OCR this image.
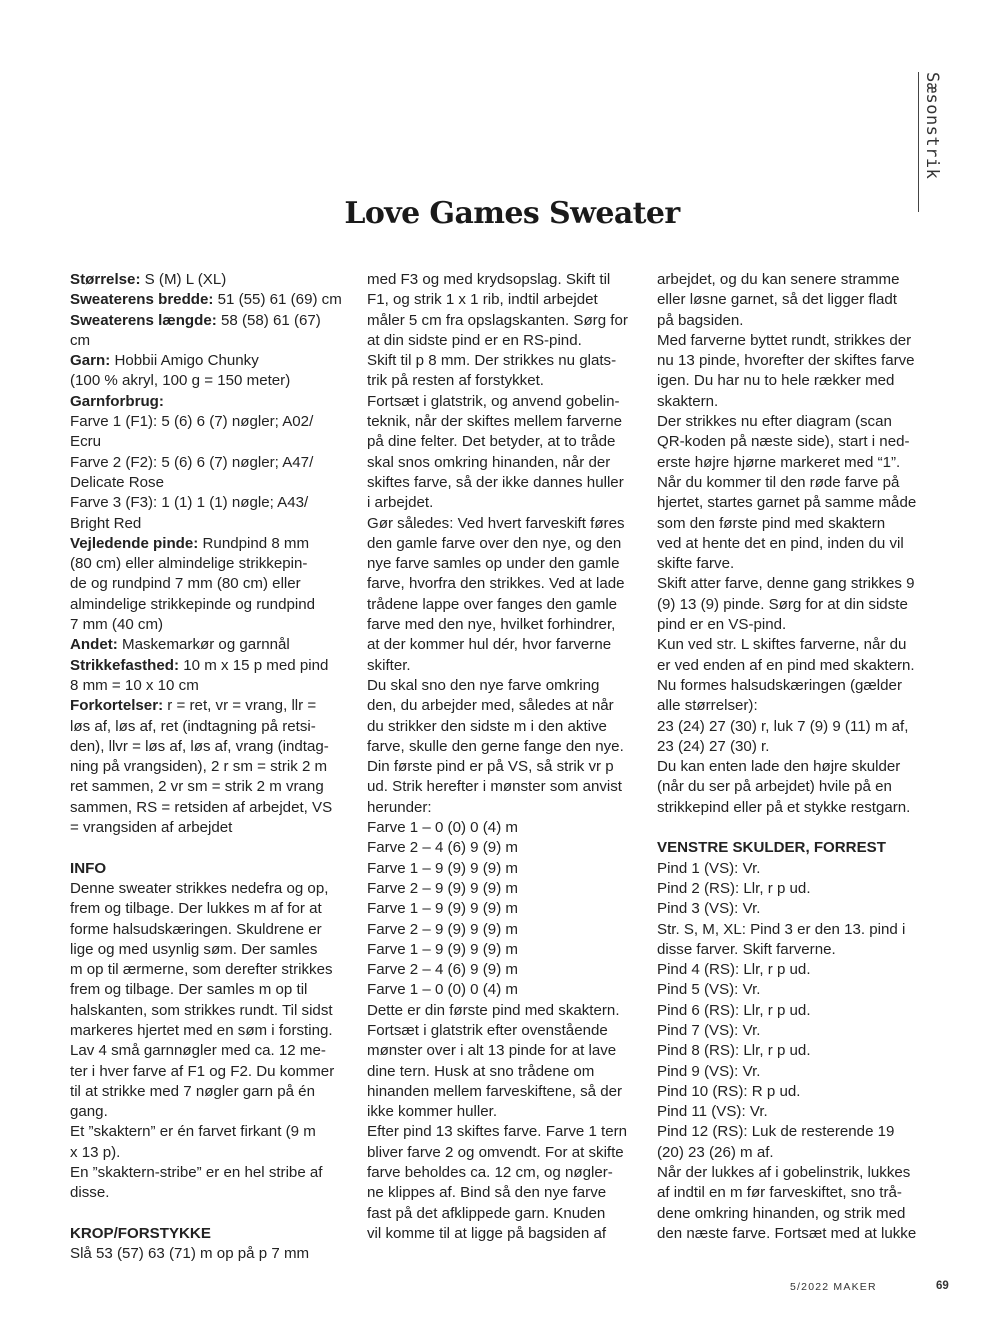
Sæsonstrik
Love Games Sweater

Størrelse: S (M) L (XL)

Sweaterens bredde: 51 (55) 61 (69) cm

Sweaterens længde: 58 (58) 61 (67) cm

Garn: Hobbii Amigo Chunky

(100 % akryl, 100 g = 150 meter)

Garnforbrug:

Farve 1 (F1): 5 (6) 6 (7) nøgler; A02/

Ecru

Farve 2 (F2): 5 (6) 6 (7) nøgler; A47/

Delicate Rose

Farve 3 (F3): 1 (1) 1 (1) nøgle; A43/

Bright Red

Vejledende pinde: Rundpind 8 mm

(80 cm) eller almindelige strikkepin-

de og rundpind 7 mm (80 cm) eller

almindelige strikkepinde og rundpind

7 mm (40 cm)

Andet: Maskemarkør og garnnål

Strikkefasthed: 10 m x 15 p med pind

8 mm = 10 x 10 cm

Forkortelser: r = ret, vr = vrang, llr =

løs af, løs af, ret (indtagning på retsi-

den), llvr = løs af, løs af, vrang (indtag-

ning på vrangsiden), 2 r sm = strik 2 m

ret sammen, 2 vr sm = strik 2 m vrang

sammen, RS = retsiden af arbejdet, VS

= vrangsiden af arbejdet

INFO

Denne sweater strikkes nedefra og op,

frem og tilbage. Der lukkes m af for at

forme halsudskæringen. Skuldrene er

lige og med usynlig søm. Der samles

m op til ærmerne, som derefter strikkes

frem og tilbage. Der samles m op til

halskanten, som strikkes rundt. Til sidst

markeres hjertet med en søm i forsting.

Lav 4 små garnnøgler med ca. 12 me-

ter i hver farve af F1 og F2. Du kommer

til at strikke med 7 nøgler garn på én

gang.

Et ”skaktern” er én farvet firkant (9 m

x 13 p).

En ”skaktern-stribe” er en hel stribe af

disse.

KROP/FORSTYKKE

Slå 53 (57) 63 (71) m op på p 7 mm

med F3 og med krydsopslag. Skift til

F1, og strik 1 x 1 rib, indtil arbejdet

måler 5 cm fra opslagskanten. Sørg for

at din sidste pind er en RS-pind.

Skift til p 8 mm. Der strikkes nu glats-

trik på resten af forstykket.

Fortsæt i glatstrik, og anvend gobelin-

teknik, når der skiftes mellem farverne

på dine felter. Det betyder, at to tråde

skal snos omkring hinanden, når der

skiftes farve, så der ikke dannes huller

i arbejdet.

Gør således: Ved hvert farveskift føres

den gamle farve over den nye, og den

nye farve samles op under den gamle

farve, hvorfra den strikkes. Ved at lade

trådene lappe over fanges den gamle

farve med den nye, hvilket forhindrer,

at der kommer hul dér, hvor farverne

skifter.

Du skal sno den nye farve omkring

den, du arbejder med, således at når

du strikker den sidste m i den aktive

farve, skulle den gerne fange den nye.

Din første pind er på VS, så strik vr p

ud. Strik herefter i mønster som anvist

herunder:

Farve 1 – 0 (0) 0 (4) m

Farve 2 – 4 (6) 9 (9) m

Farve 1 – 9 (9) 9 (9) m

Farve 2 – 9 (9) 9 (9) m

Farve 1 – 9 (9) 9 (9) m

Farve 2 – 9 (9) 9 (9) m

Farve 1 – 9 (9) 9 (9) m

Farve 2 – 4 (6) 9 (9) m

Farve 1 – 0 (0) 0 (4) m

Dette er din første pind med skaktern.

Fortsæt i glatstrik efter ovenstående

mønster over i alt 13 pinde for at lave

dine tern. Husk at sno trådene om

hinanden mellem farveskiftene, så der

ikke kommer huller.

Efter pind 13 skiftes farve. Farve 1 tern

bliver farve 2 og omvendt. For at skifte

farve beholdes ca. 12 cm, og nøgler-

ne klippes af. Bind så den nye farve

fast på det afklippede garn. Knuden

vil komme til at ligge på bagsiden af

arbejdet, og du kan senere stramme

eller løsne garnet, så det ligger fladt

på bagsiden.

Med farverne byttet rundt, strikkes der

nu 13 pinde, hvorefter der skiftes farve

igen. Du har nu to hele rækker med

skaktern.

Der strikkes nu efter diagram (scan

QR-koden på næste side), start i ned-

erste højre hjørne markeret med “1”.

Når du kommer til den røde farve på

hjertet, startes garnet på samme måde

som den første pind med skaktern

ved at hente det en pind, inden du vil

skifte farve.

Skift atter farve, denne gang strikkes 9

(9) 13 (9) pinde. Sørg for at din sidste

pind er en VS-pind.

Kun ved str. L skiftes farverne, når du

er ved enden af en pind med skaktern.

Nu formes halsudskæringen (gælder

alle størrelser):

23 (24) 27 (30) r, luk 7 (9) 9 (11) m af,

23 (24) 27 (30) r.

Du kan enten lade den højre skulder

(når du ser på arbejdet) hvile på en

strikkepind eller på et stykke restgarn.

VENSTRE SKULDER, FORREST

Pind 1 (VS): Vr.

Pind 2 (RS): Llr, r p ud.

Pind 3 (VS): Vr.

Str. S, M, XL: Pind 3 er den 13. pind i

disse farver. Skift farverne.

Pind 4 (RS): Llr, r p ud.

Pind 5 (VS): Vr.

Pind 6 (RS): Llr, r p ud.

Pind 7 (VS): Vr.

Pind 8 (RS): Llr, r p ud.

Pind 9 (VS): Vr.

Pind 10 (RS): R p ud.

Pind 11 (VS): Vr.

Pind 12 (RS): Luk de resterende 19

(20) 23 (26) m af.

Når der lukkes af i gobelinstrik, lukkes

af indtil en m før farveskiftet, sno trå-

dene omkring hinanden, og strik med

den næste farve. Fortsæt med at lukke

5/2022 MAKER	69
